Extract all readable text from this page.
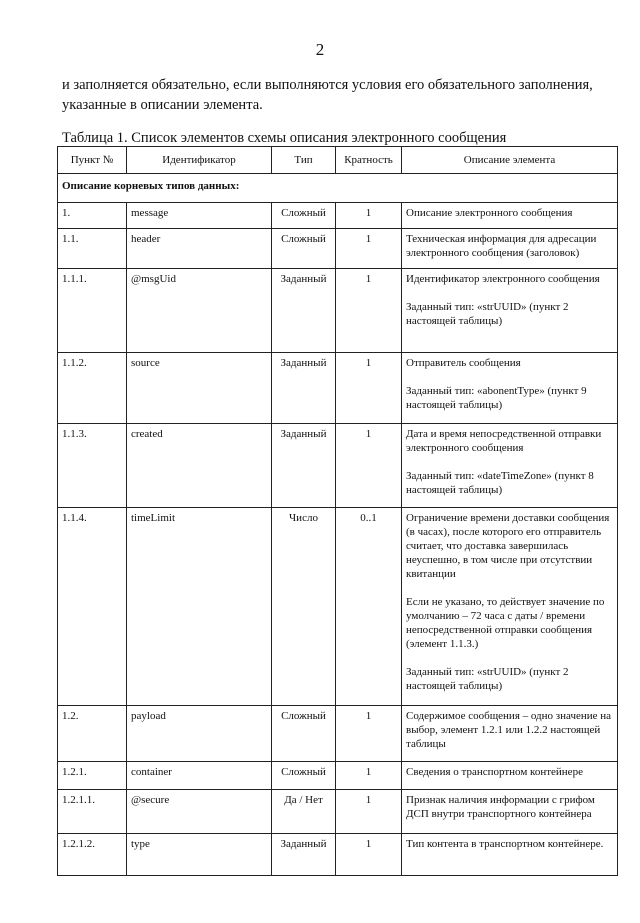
2
и заполняется обязательно, если выполняются условия его обязательного заполнения, указанные в описании элемента.
Таблица 1. Список элементов схемы описания электронного сообщения
Пункт №	Идентификатор	Тип	Кратность	Описание элемента
Описание корневых типов данных:				
1.	message	Сложный	1	Описание электронного сообщения

1.1.	header	Сложный	1	Техническая информация для адресации электронного сообщения (заголовок)

1.1.1.	@msgUid	Заданный	1	Идентификатор электронного сообщения
Заданный тип: «strUUID» (пункт 2 настоящей таблицы)

1.1.2.	source	Заданный	1	Отправитель сообщения
Заданный тип: «abonentType» (пункт 9 настоящей таблицы)

1.1.3.	created	Заданный	1	Дата и время непосредственной отправки электронного сообщения
Заданный тип: «dateTimeZone» (пункт 8 настоящей таблицы)

1.1.4.	timeLimit	Число	0..1	Ограничение времени доставки сообщения (в часах), после которого его отправитель считает, что доставка завершилась неуспешно, в том числе при отсутствии квитанции
Если не указано, то действует значение по умолчанию – 72 часа с даты / времени непосредственной отправки сообщения (элемент 1.1.3.)
Заданный тип: «strUUID» (пункт 2 настоящей таблицы)

1.2.	payload	Сложный	1	Содержимое сообщения – одно значение на выбор, элемент 1.2.1 или 1.2.2 настоящей таблицы

1.2.1.	container	Сложный	1	Сведения о транспортном контейнере

1.2.1.1.	@secure	Да / Нет	1	Признак наличия информации с грифом ДСП внутри транспортного контейнера

1.2.1.2.	type	Заданный	1	Тип контента в транспортном контейнере.
